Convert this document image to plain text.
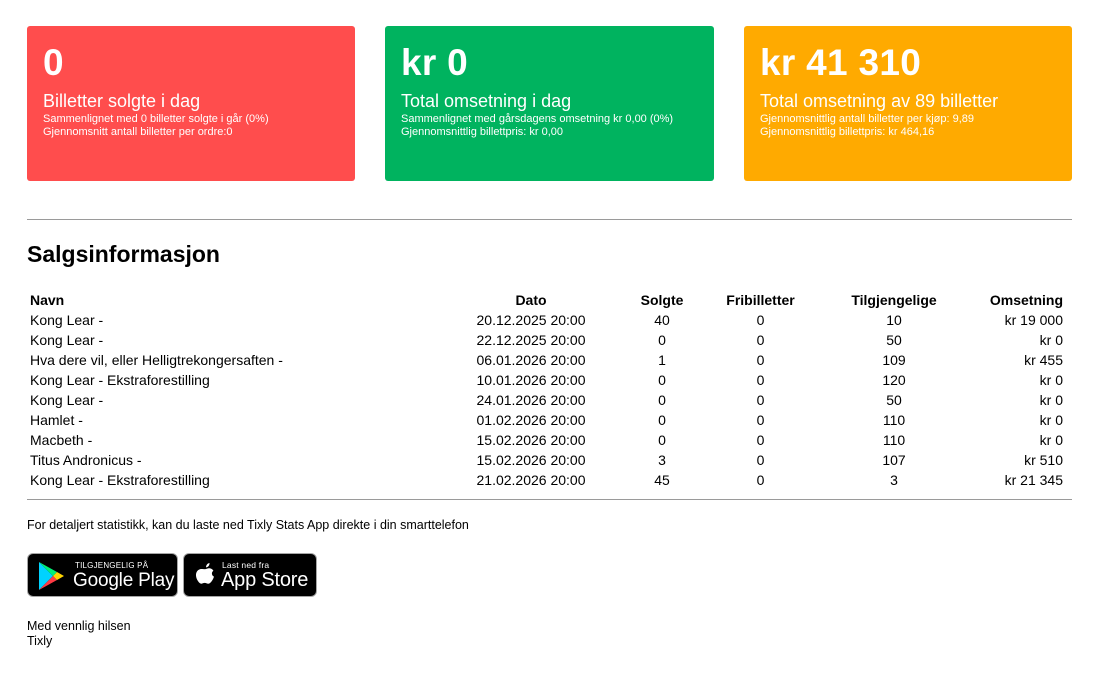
0
Billetter solgte i dag
Sammenlignet med 0 billetter solgte i går (0%)
Gjennomsnitt antall billetter per ordre:0
kr 0
Total omsetning i dag
Sammenlignet med gårsdagens omsetning kr 0,00 (0%)
Gjennomsnittlig billettpris: kr 0,00
kr 41 310
Total omsetning av 89 billetter
Gjennomsnittlig antall billetter per kjøp: 9,89
Gjennomsnittlig billettpris: kr 464,16
Salgsinformasjon
Navn	Dato	Solgte	Fribilletter	Tilgjengelige	Omsetning
Kong Lear -	20.12.2025 20:00	40	0	10	kr 19 000
Kong Lear -	22.12.2025 20:00	0	0	50	kr 0
Hva dere vil, eller Helligtrekongersaften -	06.01.2026 20:00	1	0	109	kr 455
Kong Lear - Ekstraforestilling	10.01.2026 20:00	0	0	120	kr 0
Kong Lear -	24.01.2026 20:00	0	0	50	kr 0
Hamlet -	01.02.2026 20:00	0	0	110	kr 0
Macbeth -	15.02.2026 20:00	0	0	110	kr 0
Titus Andronicus -	15.02.2026 20:00	3	0	107	kr 510
Kong Lear - Ekstraforestilling	21.02.2026 20:00	45	0	3	kr 21 345
For detaljert statistikk, kan du laste ned Tixly Stats App direkte i din smarttelefon
TILGJENGELIG PÅ
Google Play
Last ned fra
App Store
Med vennlig hilsen
Tixly
